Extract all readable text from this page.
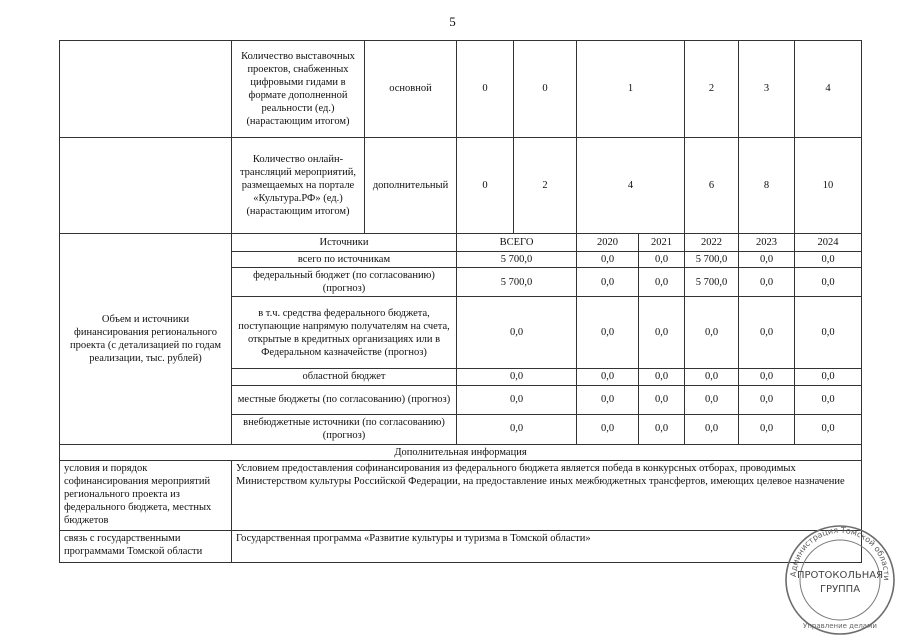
5
	Количество выставочных проектов, снабженных цифровыми гидами в формате дополненной реальности (ед.) (нарастающим итогом)	основной	0	0	1		2	3	4
	Количество онлайн-трансляций мероприятий, размещаемых на портале «Культура.РФ» (ед.) (нарастающим итогом)	дополнительный	0	2	4		6	8	10
Объем и источники финансирования регионального проекта (с детализацией по годам реализации, тыс. рублей)	Источники		ВСЕГО		2020	2021	2022	2023	2024
	всего по источникам		5 700,0		0,0	0,0	5 700,0	0,0	0,0
	федеральный бюджет (по согласованию) (прогноз)		5 700,0		0,0	0,0	5 700,0	0,0	0,0
	в т.ч. средства федерального бюджета, поступающие напрямую получателям на счета, открытые в кредитных организациях или в Федеральном казначействе (прогноз)		0,0		0,0	0,0	0,0	0,0	0,0
	областной бюджет		0,0		0,0	0,0	0,0	0,0	0,0
	местные бюджеты (по согласованию) (прогноз)		0,0		0,0	0,0	0,0	0,0	0,0
	внебюджетные источники (по согласованию) (прогноз)		0,0		0,0	0,0	0,0	0,0	0,0
Дополнительная информация									
условия и порядок софинансирования мероприятий регионального проекта из федерального бюджета, местных бюджетов	Условием предоставления софинансирования из федерального бюджета является победа в конкурсных отборах, проводимых Министерством культуры Российской Федерации, на предоставление иных межбюджетных трансфертов, имеющих целевое назначение								
связь с государственными программами Томской области	Государственная программа «Развитие культуры и туризма в Томской области»								
Администрация Томской области
ПРОТОКОЛЬНАЯ
ГРУППА
Управление делами
